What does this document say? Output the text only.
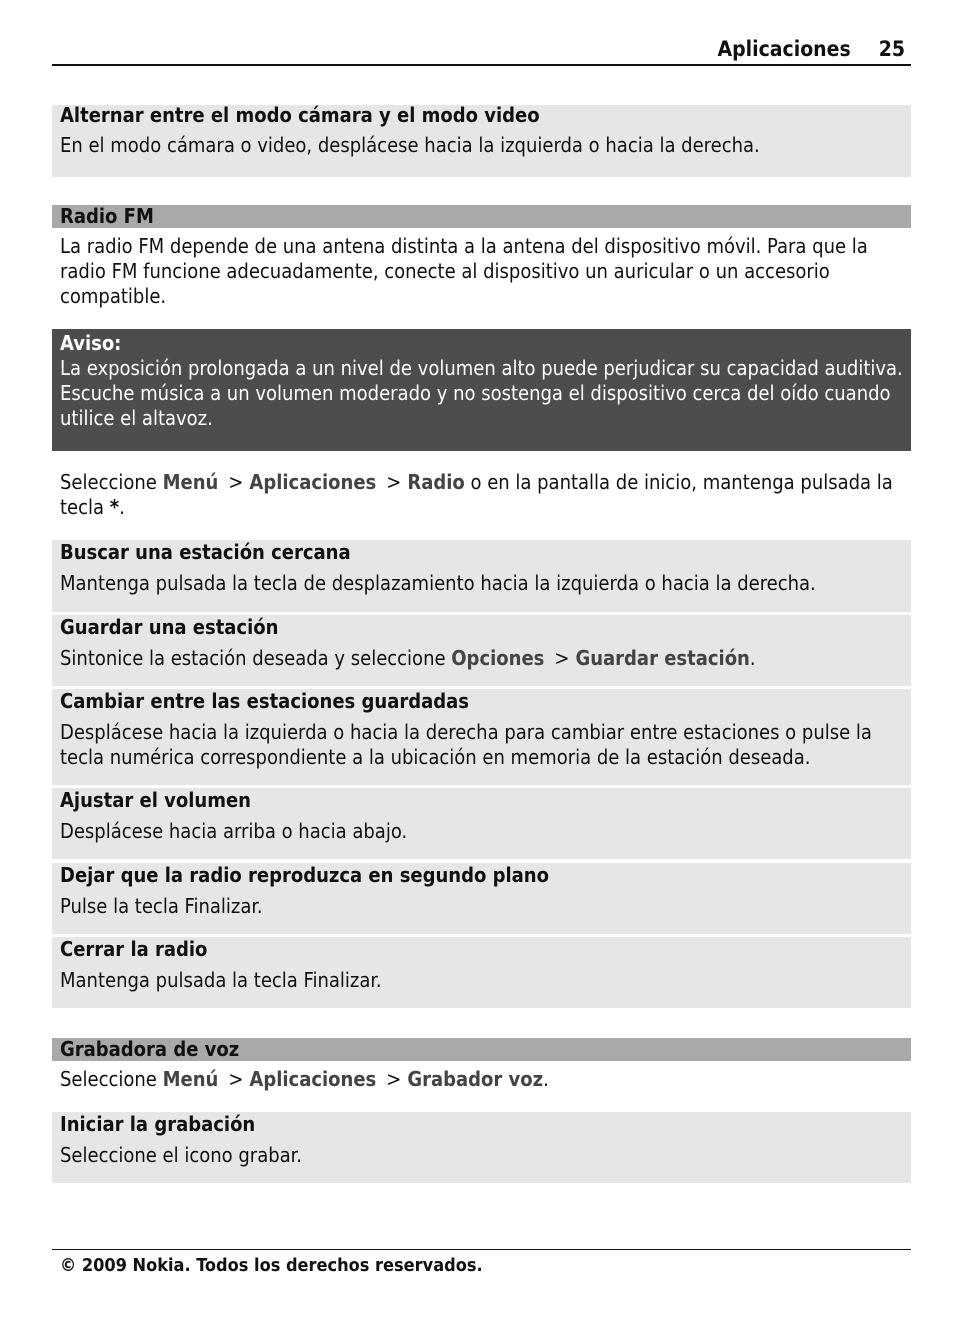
Aplicaciones 25
Alternar entre el modo cámara y el modo video
En el modo cámara o video, desplácese hacia la izquierda o hacia la derecha.
Radio FM
La radio FM depende de una antena distinta a la antena del dispositivo móvil. Para que la radio FM funcione adecuadamente, conecte al dispositivo un auricular o un accesorio compatible.
Aviso:
La exposición prolongada a un nivel de volumen alto puede perjudicar su capacidad auditiva. Escuche música a un volumen moderado y no sostenga el dispositivo cerca del oído cuando utilice el altavoz.
Seleccione Menú > Aplicaciones > Radio o en la pantalla de inicio, mantenga pulsada la tecla *.
Buscar una estación cercana
Mantenga pulsada la tecla de desplazamiento hacia la izquierda o hacia la derecha.
Guardar una estación
Sintonice la estación deseada y seleccione Opciones > Guardar estación.
Cambiar entre las estaciones guardadas
Desplácese hacia la izquierda o hacia la derecha para cambiar entre estaciones o pulse la tecla numérica correspondiente a la ubicación en memoria de la estación deseada.
Ajustar el volumen
Desplácese hacia arriba o hacia abajo.
Dejar que la radio reproduzca en segundo plano
Pulse la tecla Finalizar.
Cerrar la radio
Mantenga pulsada la tecla Finalizar.
Grabadora de voz
Seleccione Menú > Aplicaciones > Grabador voz.
Iniciar la grabación
Seleccione el icono grabar.
© 2009 Nokia. Todos los derechos reservados.
